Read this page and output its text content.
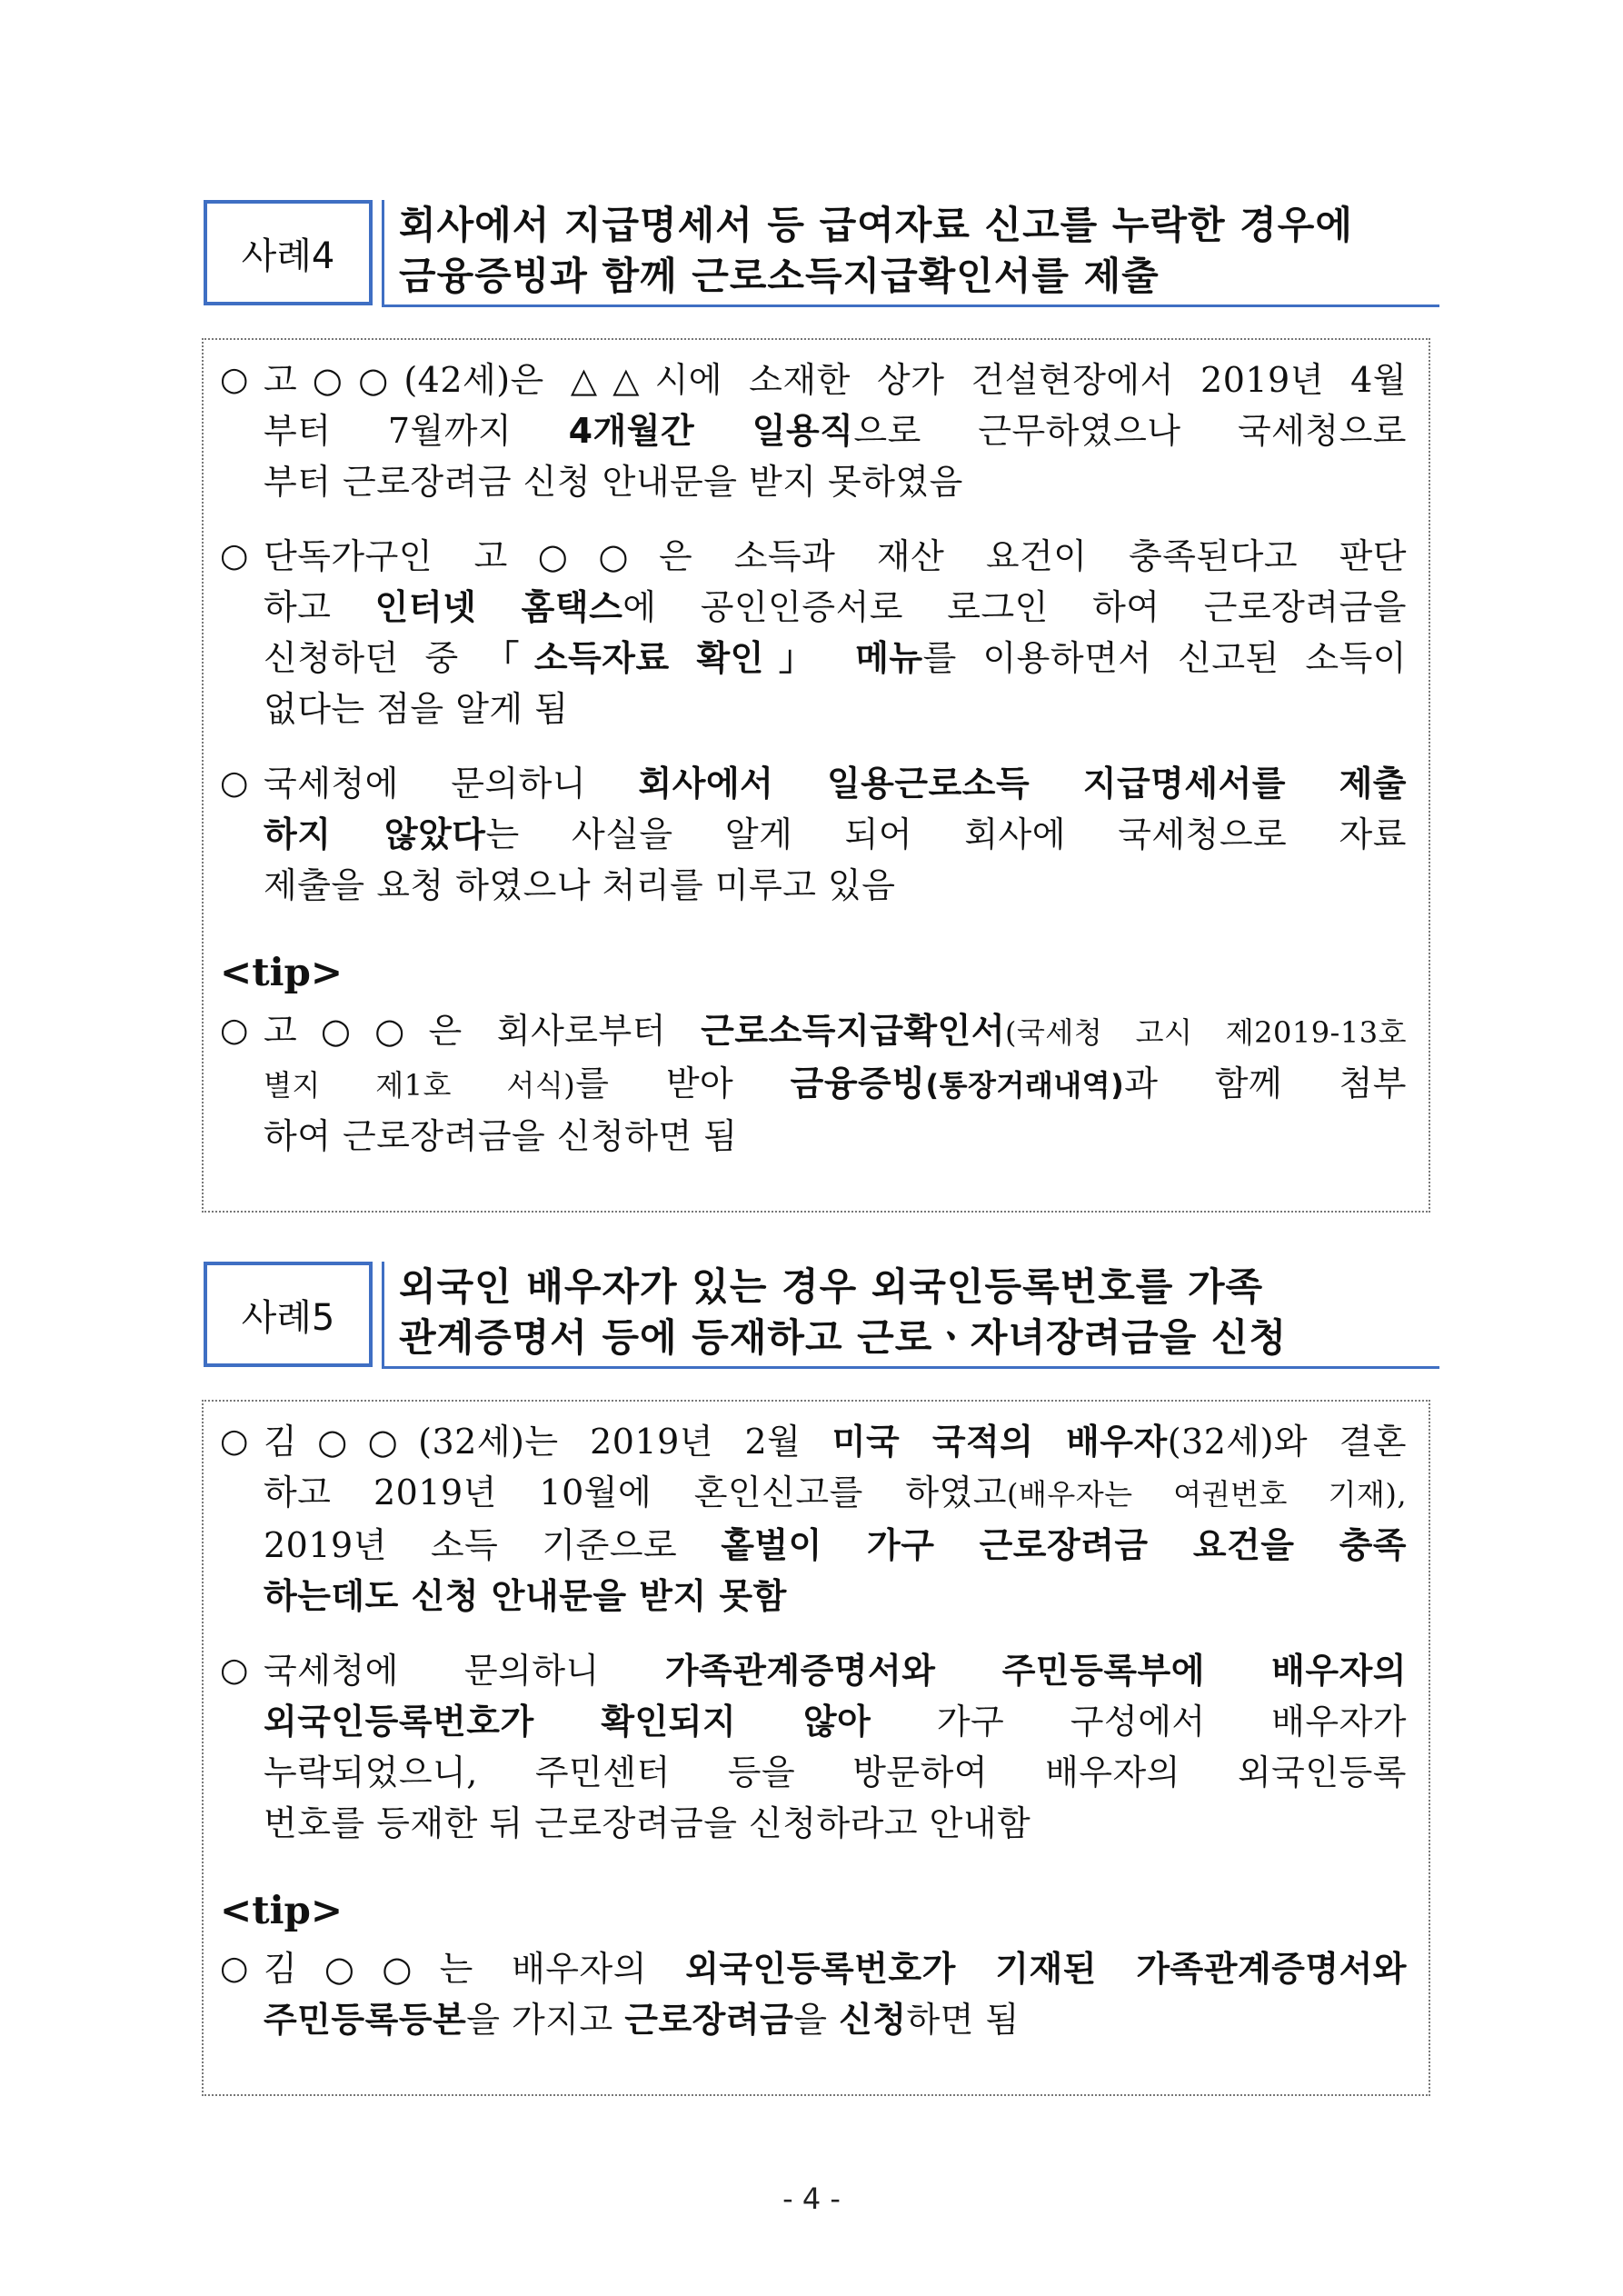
사례4
회사에서 지급명세서 등 급여자료 신고를 누락한 경우에
금융증빙과 함께 근로소득지급확인서를 제출
○ 고○○(42세)은 △△시에 소재한 상가 건설현장에서 2019년 4월
부터 7월까지 4개월간 일용직으로 근무하였으나 국세청으로
부터 근로장려금 신청 안내문을 받지 못하였음
○ 단독가구인 고○○은 소득과 재산 요건이 충족된다고 판단
하고 인터넷 홈택스에 공인인증서로 로그인 하여 근로장려금을
신청하던 중 「소득자료 확인」 메뉴를 이용하면서 신고된 소득이
없다는 점을 알게 됨
○ 국세청에 문의하니 회사에서 일용근로소득 지급명세서를 제출
하지 않았다는 사실을 알게 되어 회사에 국세청으로 자료
제출을 요청 하였으나 처리를 미루고 있음
<tip>
○ 고○○은 회사로부터 근로소득지급확인서(국세청 고시 제2019-13호
별지 제1호 서식)를 받아 금융증빙(통장거래내역)과 함께 첨부
하여 근로장려금을 신청하면 됨
사례5
외국인 배우자가 있는 경우 외국인등록번호를 가족
관계증명서 등에 등재하고 근로ㆍ자녀장려금을 신청
○ 김○○(32세)는 2019년 2월 미국 국적의 배우자(32세)와 결혼
하고 2019년 10월에 혼인신고를 하였고(배우자는 여권번호 기재),
2019년 소득 기준으로 홑벌이 가구 근로장려금 요건을 충족
하는데도 신청 안내문을 받지 못함
○ 국세청에 문의하니 가족관계증명서와 주민등록부에 배우자의
외국인등록번호가 확인되지 않아 가구 구성에서 배우자가
누락되었으니, 주민센터 등을 방문하여 배우자의 외국인등록
번호를 등재한 뒤 근로장려금을 신청하라고 안내함
<tip>
○ 김○○는 배우자의 외국인등록번호가 기재된 가족관계증명서와
주민등록등본을 가지고 근로장려금을 신청하면 됨
- 4 -
